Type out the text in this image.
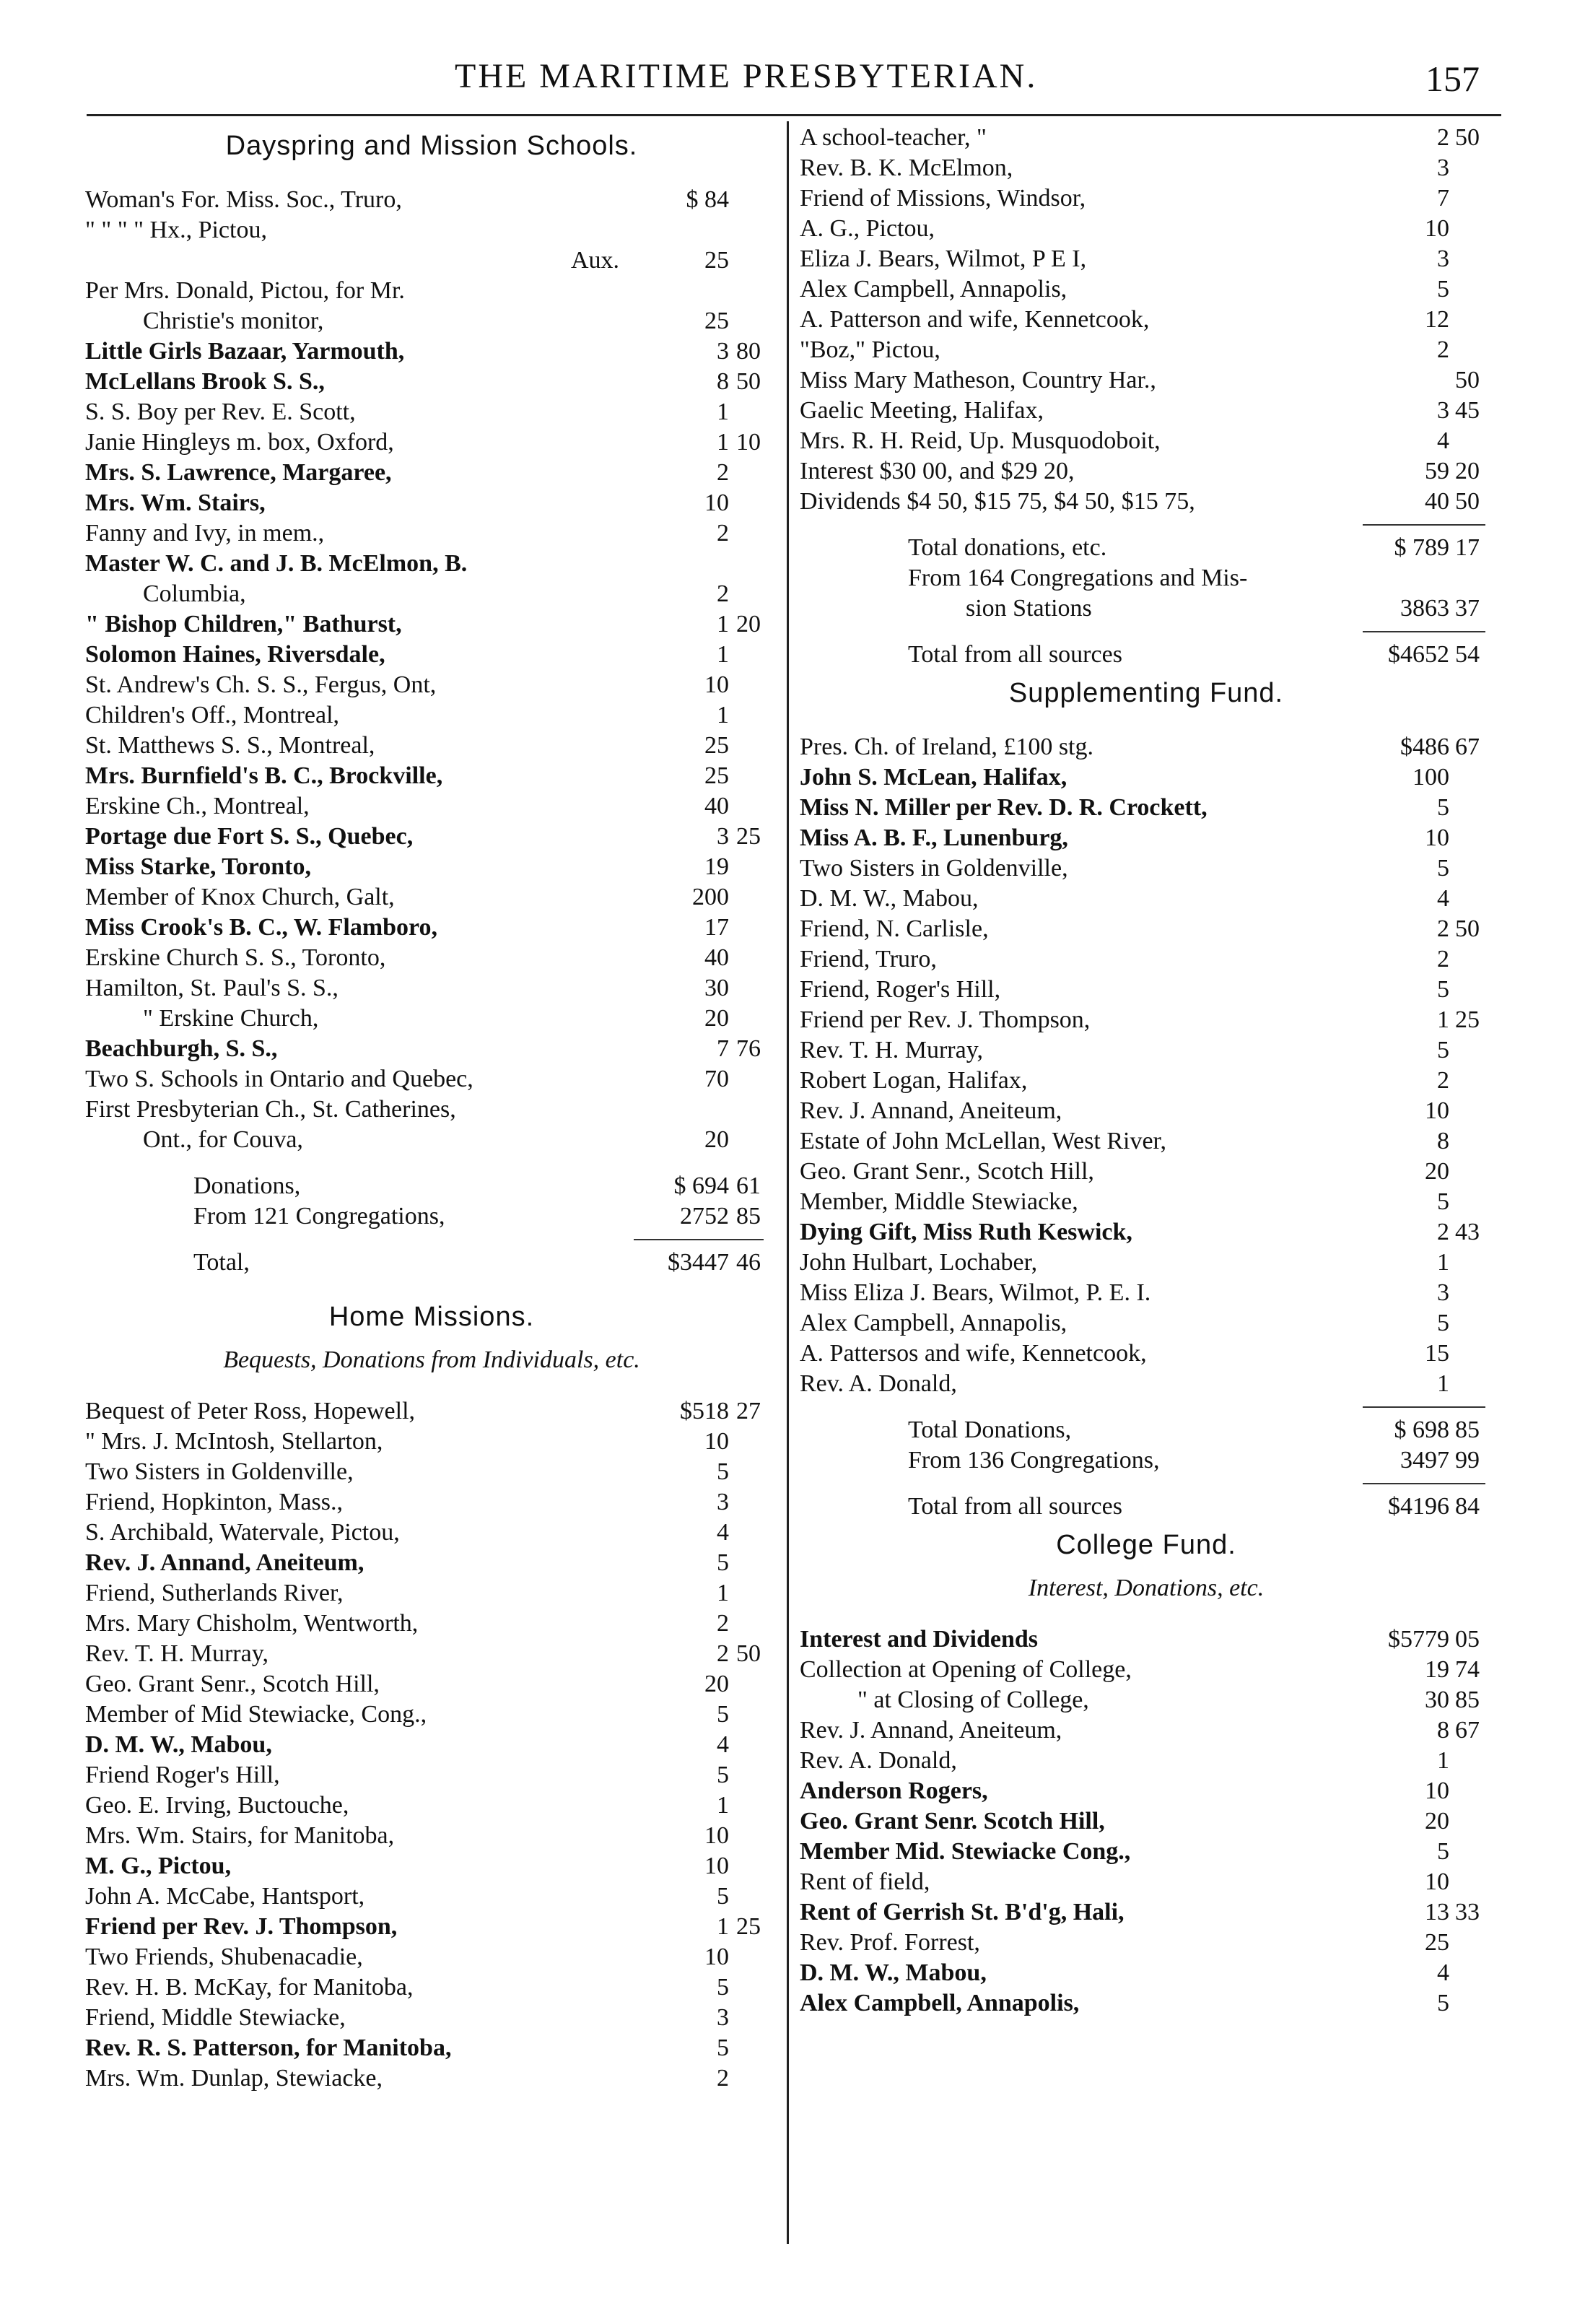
THE MARITIME PRESBYTERIAN.	157
Dayspring and Mission Schools.
Woman's For. Miss. Soc., Truro,	$ 84
" " " " Hx., Pictou,
Aux.	25
Per Mrs. Donald, Pictou, for Mr.
Christie's monitor,	25
Little Girls Bazaar, Yarmouth,	3 80
McLellans Brook S. S.,	8 50
S. S. Boy per Rev. E. Scott,	1
Janie Hingleys m. box, Oxford,	1 10
Mrs. S. Lawrence, Margaree,	2
Mrs. Wm. Stairs,	10
Fanny and Ivy, in mem.,	2
Master W. C. and J. B. McElmon, B.
Columbia,	2
" Bishop Children," Bathurst,	1 20
Solomon Haines, Riversdale,	1
St. Andrew's Ch. S. S., Fergus, Ont,	10
Children's Off., Montreal,	1
St. Matthews S. S., Montreal,	25
Mrs. Burnfield's B. C., Brockville,	25
Erskine Ch., Montreal,	40
Portage due Fort S. S., Quebec,	3 25
Miss Starke, Toronto,	19
Member of Knox Church, Galt,	200
Miss Crook's B. C., W. Flamboro,	17
Erskine Church S. S., Toronto,	40
Hamilton, St. Paul's S. S.,	30
" Erskine Church,	20
Beachburgh, S. S.,	7 76
Two S. Schools in Ontario and Quebec,	70
First Presbyterian Ch., St. Catherines,
Ont., for Couva,	20
Donations,	$ 694 61
From 121 Congregations,	2752 85
Total,	$3447 46
Home Missions.
Bequests, Donations from Individuals, etc.
Bequest of Peter Ross, Hopewell,	$518 27
" Mrs. J. McIntosh, Stellarton,	10
Two Sisters in Goldenville,	5
Friend, Hopkinton, Mass.,	3
S. Archibald, Watervale, Pictou,	4
Rev. J. Annand, Aneiteum,	5
Friend, Sutherlands River,	1
Mrs. Mary Chisholm, Wentworth,	2
Rev. T. H. Murray,	2 50
Geo. Grant Senr., Scotch Hill,	20
Member of Mid Stewiacke, Cong.,	5
D. M. W., Mabou,	4
Friend Roger's Hill,	5
Geo. E. Irving, Buctouche,	1
Mrs. Wm. Stairs, for Manitoba,	10
M. G., Pictou,	10
John A. McCabe, Hantsport,	5
Friend per Rev. J. Thompson,	1 25
Two Friends, Shubenacadie,	10
Rev. H. B. McKay, for Manitoba,	5
Friend, Middle Stewiacke,	3
Rev. R. S. Patterson, for Manitoba,	5
Mrs. Wm. Dunlap, Stewiacke,	2
A school-teacher, "	2 50
Rev. B. K. McElmon,	3
Friend of Missions, Windsor,	7
A. G., Pictou,	10
Eliza J. Bears, Wilmot, P E I,	3
Alex Campbell, Annapolis,	5
A. Patterson and wife, Kennetcook,	12
"Boz," Pictou,	2
Miss Mary Matheson, Country Har.,	50
Gaelic Meeting, Halifax,	3 45
Mrs. R. H. Reid, Up. Musquodoboit,	4
Interest $30 00, and $29 20,	59 20
Dividends $4 50, $15 75, $4 50, $15 75,	40 50
Total donations, etc.	$ 789 17
From 164 Congregations and Mis-
sion Stations	3863 37
Total from all sources	$4652 54
Supplementing Fund.
Pres. Ch. of Ireland, £100 stg.	$486 67
John S. McLean, Halifax,	100
Miss N. Miller per Rev. D. R. Crockett,	5
Miss A. B. F., Lunenburg,	10
Two Sisters in Goldenville,	5
D. M. W., Mabou,	4
Friend, N. Carlisle,	2 50
Friend, Truro,	2
Friend, Roger's Hill,	5
Friend per Rev. J. Thompson,	1 25
Rev. T. H. Murray,	5
Robert Logan, Halifax,	2
Rev. J. Annand, Aneiteum,	10
Estate of John McLellan, West River,	8
Geo. Grant Senr., Scotch Hill,	20
Member, Middle Stewiacke,	5
Dying Gift, Miss Ruth Keswick,	2 43
John Hulbart, Lochaber,	1
Miss Eliza J. Bears, Wilmot, P. E. I.	3
Alex Campbell, Annapolis,	5
A. Pattersos and wife, Kennetcook,	15
Rev. A. Donald,	1
Total Donations,	$ 698 85
From 136 Congregations,	3497 99
Total from all sources	$4196 84
College Fund.
Interest, Donations, etc.
Interest and Dividends	$5779 05
Collection at Opening of College,	19 74
" at Closing of College,	30 85
Rev. J. Annand, Aneiteum,	8 67
Rev. A. Donald,	1
Anderson Rogers,	10
Geo. Grant Senr. Scotch Hill,	20
Member Mid. Stewiacke Cong.,	5
Rent of field,	10
Rent of Gerrish St. B'd'g, Hali,	13 33
Rev. Prof. Forrest,	25
D. M. W., Mabou,	4
Alex Campbell, Annapolis,	5
